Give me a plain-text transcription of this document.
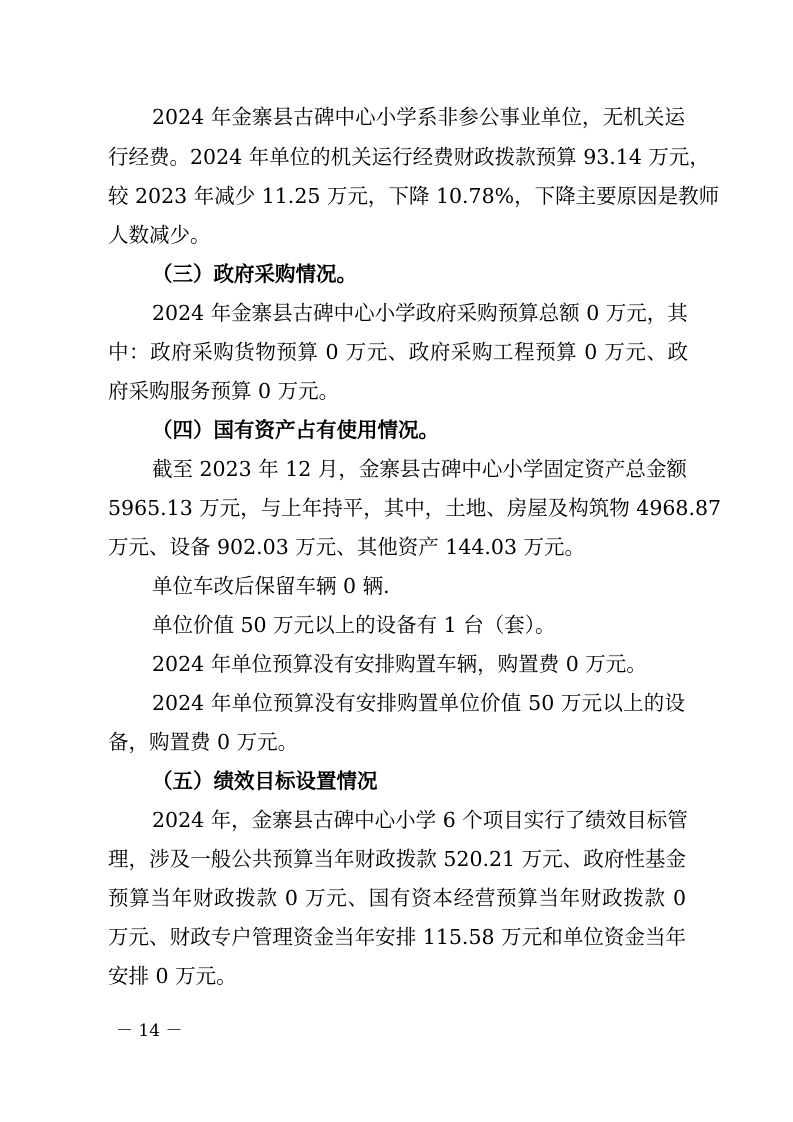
2024 年金寨县古碑中心小学系非参公事业单位，无机关运

行经费。2024 年单位的机关运行经费财政拨款预算 93.14 万元，

较 2023 年减少 11.25 万元，下降 10.78%，下降主要原因是教师

人数减少。

（三）政府采购情况。

2024 年金寨县古碑中心小学政府采购预算总额 0 万元，其

中：政府采购货物预算 0 万元、政府采购工程预算 0 万元、政

府采购服务预算 0 万元。

（四）国有资产占有使用情况。

截至 2023 年 12 月，金寨县古碑中心小学固定资产总金额

5965.13 万元，与上年持平，其中，土地、房屋及构筑物 4968.87

万元、设备 902.03 万元、其他资产 144.03 万元。

单位车改后保留车辆 0 辆.

单位价值 50 万元以上的设备有 1 台（套）。

2024 年单位预算没有安排购置车辆，购置费 0 万元。

2024 年单位预算没有安排购置单位价值 50 万元以上的设

备，购置费 0 万元。

（五）绩效目标设置情况

2024 年，金寨县古碑中心小学 6 个项目实行了绩效目标管

理，涉及一般公共预算当年财政拨款 520.21 万元、政府性基金

预算当年财政拨款 0 万元、国有资本经营预算当年财政拨款 0

万元、财政专户管理资金当年安排 115.58 万元和单位资金当年

安排 0 万元。

－ 14 －
